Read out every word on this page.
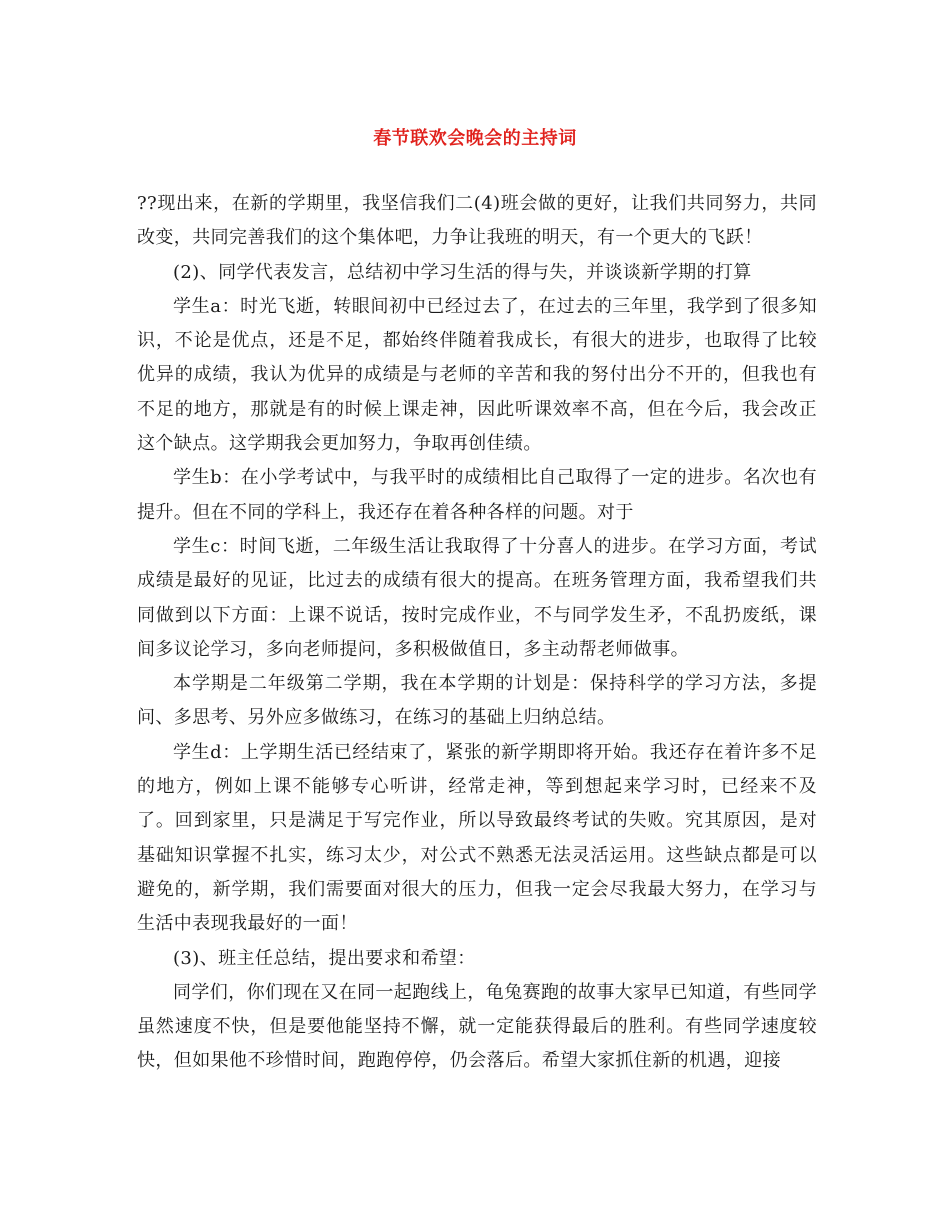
春节联欢会晚会的主持词

??现出来，在新的学期里，我坚信我们二(4)班会做的更好，让我们共同努力，共同改变，共同完善我们的这个集体吧，力争让我班的明天，有一个更大的飞跃！

(2)、同学代表发言，总结初中学习生活的得与失，并谈谈新学期的打算

学生a：时光飞逝，转眼间初中已经过去了，在过去的三年里，我学到了很多知识，不论是优点，还是不足，都始终伴随着我成长，有很大的进步，也取得了比较优异的成绩，我认为优异的成绩是与老师的辛苦和我的努付出分不开的，但我也有不足的地方，那就是有的时候上课走神，因此听课效率不高，但在今后，我会改正这个缺点。这学期我会更加努力，争取再创佳绩。

学生b：在小学考试中，与我平时的成绩相比自己取得了一定的进步。名次也有提升。但在不同的学科上，我还存在着各种各样的问题。对于

学生c：时间飞逝，二年级生活让我取得了十分喜人的进步。在学习方面，考试成绩是最好的见证，比过去的成绩有很大的提高。在班务管理方面，我希望我们共同做到以下方面：上课不说话，按时完成作业，不与同学发生矛，不乱扔废纸，课间多议论学习，多向老师提问，多积极做值日，多主动帮老师做事。

本学期是二年级第二学期，我在本学期的计划是：保持科学的学习方法，多提问、多思考、另外应多做练习，在练习的基础上归纳总结。

学生d：上学期生活已经结束了，紧张的新学期即将开始。我还存在着许多不足的地方，例如上课不能够专心听讲，经常走神，等到想起来学习时，已经来不及了。回到家里，只是满足于写完作业，所以导致最终考试的失败。究其原因，是对基础知识掌握不扎实，练习太少，对公式不熟悉无法灵活运用。这些缺点都是可以避免的，新学期，我们需要面对很大的压力，但我一定会尽我最大努力，在学习与生活中表现我最好的一面！

(3)、班主任总结，提出要求和希望：

同学们，你们现在又在同一起跑线上，龟兔赛跑的故事大家早已知道，有些同学虽然速度不快，但是要他能坚持不懈，就一定能获得最后的胜利。有些同学速度较快，但如果他不珍惜时间，跑跑停停，仍会落后。希望大家抓住新的机遇，迎接
